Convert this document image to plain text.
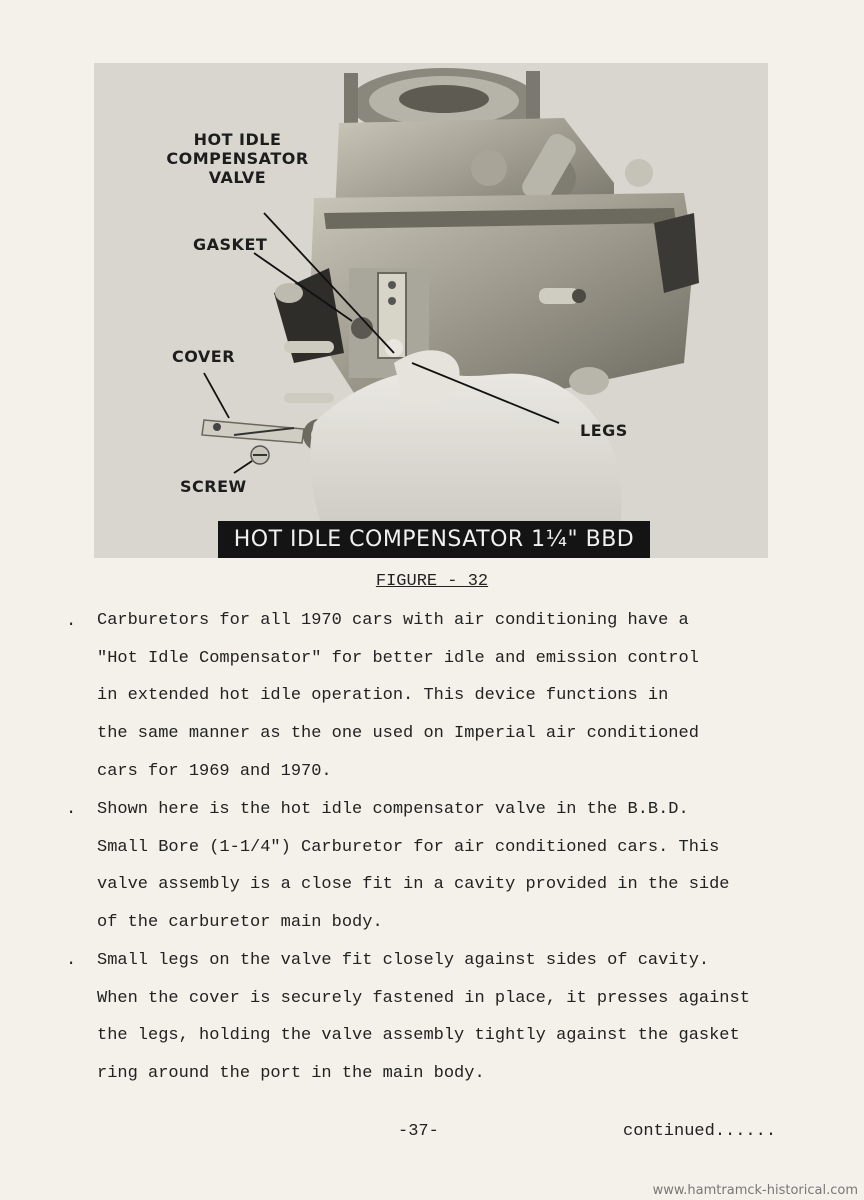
HOT IDLE
COMPENSATOR
VALVE
GASKET
COVER
LEGS
SCREW
HOT IDLE COMPENSATOR 1¼" BBD
FIGURE - 32
. Carburetors for all 1970 cars with air conditioning have a
"Hot Idle Compensator" for better idle and emission control
in extended hot idle operation. This device functions in
the same manner as the one used on Imperial air conditioned
cars for 1969 and 1970.
. Shown here is the hot idle compensator valve in the B.B.D.
Small Bore (1-1/4") Carburetor for air conditioned cars. This
valve assembly is a close fit in a cavity provided in the side
of the carburetor main body.
. Small legs on the valve fit closely against sides of cavity.
When the cover is securely fastened in place, it presses against
the legs, holding the valve assembly tightly against the gasket
ring around the port in the main body.
-37-	continued......
www.hamtramck-historical.com
